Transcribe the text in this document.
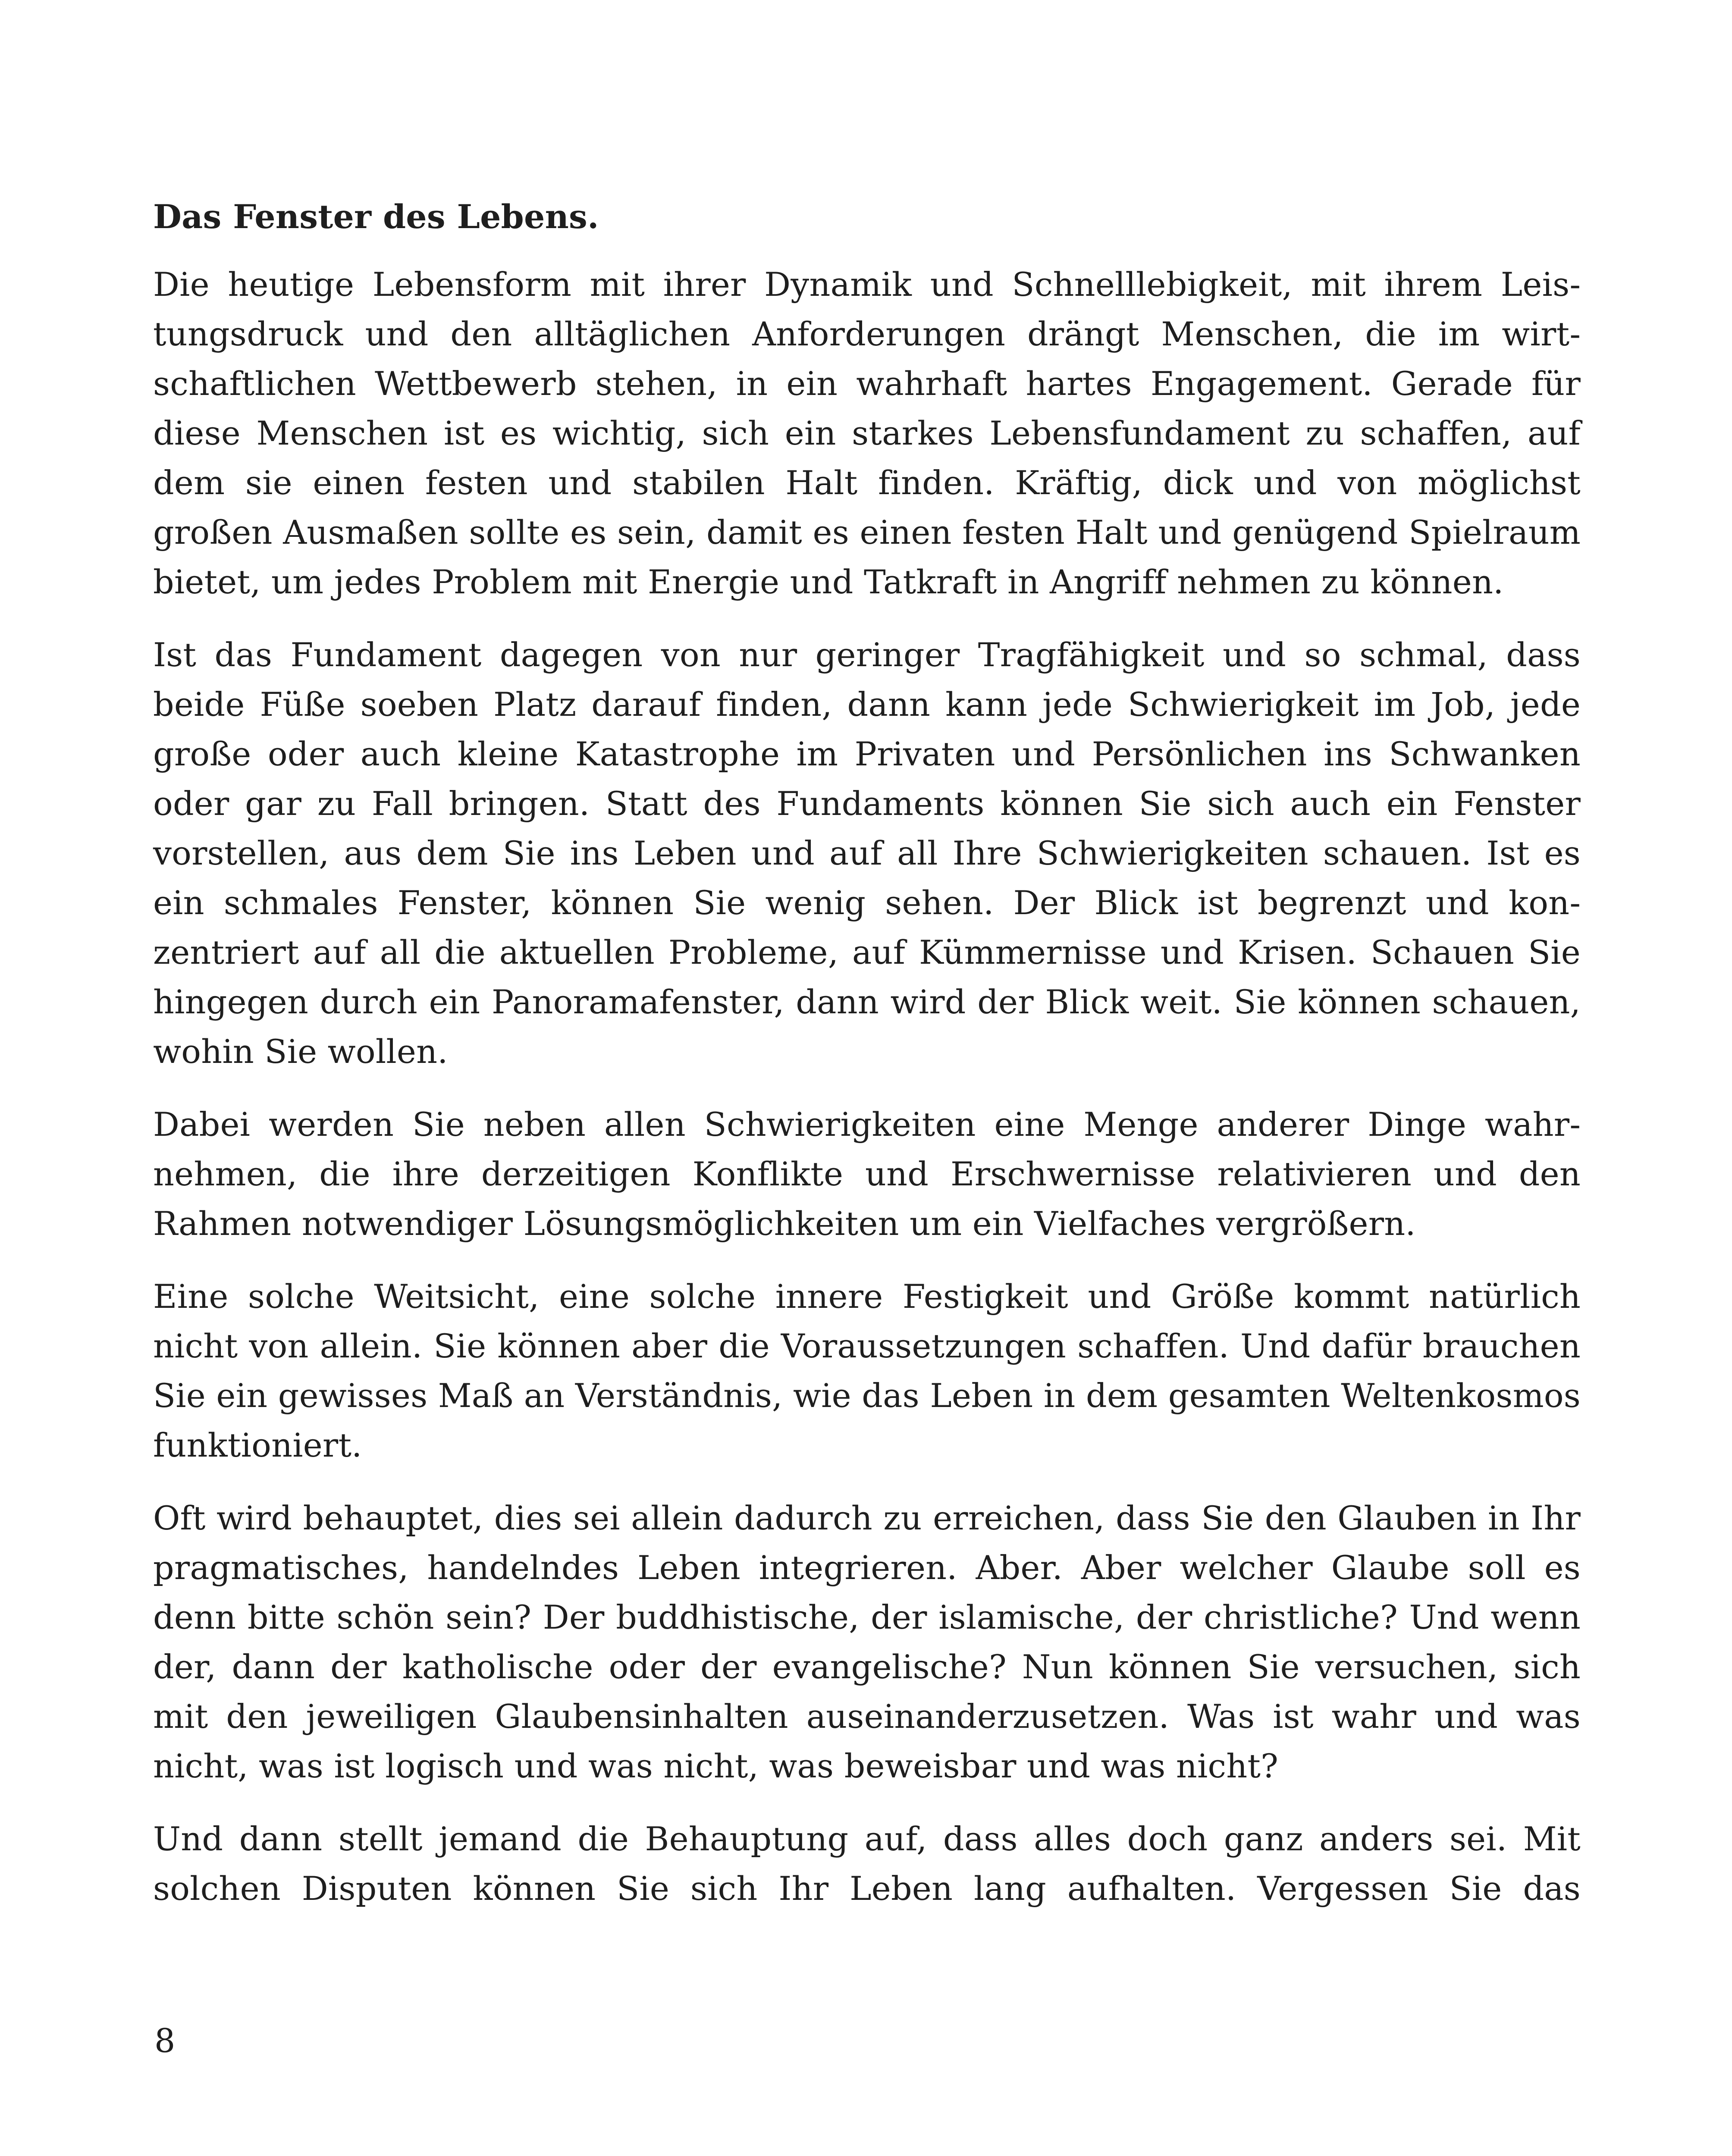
Das Fenster des Lebens.

Die heutige Lebensform mit ihrer Dynamik und Schnelllebigkeit, mit ihrem Leistungsdruck und den alltäglichen Anforderungen drängt Menschen, die im wirtschaftlichen Wettbewerb stehen, in ein wahrhaft hartes Engagement. Gerade für diese Menschen ist es wichtig, sich ein starkes Lebensfundament zu schaffen, auf dem sie einen festen und stabilen Halt finden. Kräftig, dick und von möglichst großen Ausmaßen sollte es sein, damit es einen festen Halt und genügend Spielraum bietet, um jedes Problem mit Energie und Tatkraft in Angriff nehmen zu können.

Ist das Fundament dagegen von nur geringer Tragfähigkeit und so schmal, dass beide Füße soeben Platz darauf finden, dann kann jede Schwierigkeit im Job, jede große oder auch kleine Katastrophe im Privaten und Persönlichen ins Schwanken oder gar zu Fall bringen. Statt des Fundaments können Sie sich auch ein Fenster vorstellen, aus dem Sie ins Leben und auf all Ihre Schwierigkeiten schauen. Ist es ein schmales Fenster, können Sie wenig sehen. Der Blick ist begrenzt und konzentriert auf all die aktuellen Probleme, auf Kümmernisse und Krisen. Schauen Sie hingegen durch ein Panoramafenster, dann wird der Blick weit. Sie können schauen, wohin Sie wollen.

Dabei werden Sie neben allen Schwierigkeiten eine Menge anderer Dinge wahrnehmen, die ihre derzeitigen Konflikte und Erschwernisse relativieren und den Rahmen notwendiger Lösungsmöglichkeiten um ein Vielfaches vergrößern.

Eine solche Weitsicht, eine solche innere Festigkeit und Größe kommt natürlich nicht von allein. Sie können aber die Voraussetzungen schaffen. Und dafür brauchen Sie ein gewisses Maß an Verständnis, wie das Leben in dem gesamten Weltenkosmos funktioniert.

Oft wird behauptet, dies sei allein dadurch zu erreichen, dass Sie den Glauben in Ihr pragmatisches, handelndes Leben integrieren. Aber. Aber welcher Glaube soll es denn bitte schön sein? Der buddhistische, der islamische, der christliche? Und wenn der, dann der katholische oder der evangelische? Nun können Sie versuchen, sich mit den jeweiligen Glaubensinhalten auseinanderzusetzen. Was ist wahr und was nicht, was ist logisch und was nicht, was beweisbar und was nicht?

Und dann stellt jemand die Behauptung auf, dass alles doch ganz anders sei. Mit solchen Disputen können Sie sich Ihr Leben lang aufhalten. Vergessen Sie das

8
